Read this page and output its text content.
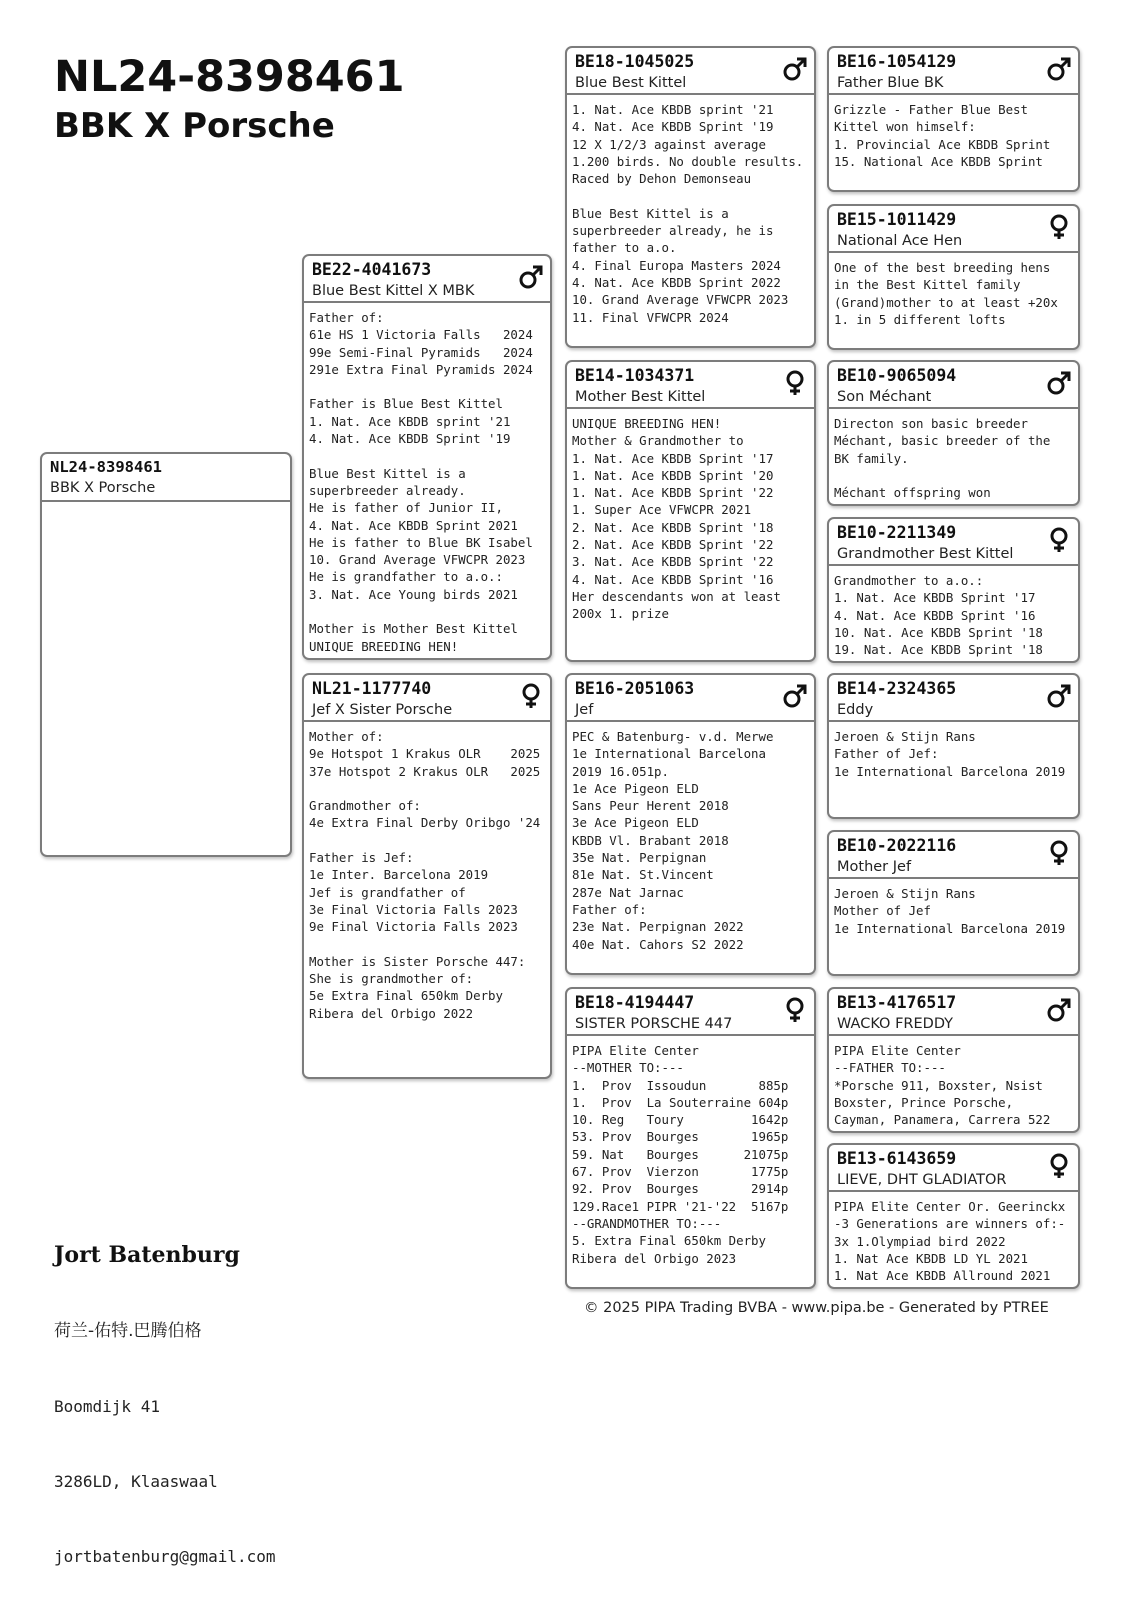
NL24-8398461
BBK X Porsche
NL24-8398461
BBK X Porsche
BE22-4041673
Blue Best Kittel X MBK
Father of:
61e HS 1 Victoria Falls   2024
99e Semi-Final Pyramids   2024
291e Extra Final Pyramids 2024

Father is Blue Best Kittel
1. Nat. Ace KBDB sprint '21
4. Nat. Ace KBDB Sprint '19

Blue Best Kittel is a
superbreeder already.
He is father of Junior II,
4. Nat. Ace KBDB Sprint 2021
He is father to Blue BK Isabel
10. Grand Average VFWCPR 2023
He is grandfather to a.o.:
3. Nat. Ace Young birds 2021

Mother is Mother Best Kittel
UNIQUE BREEDING HEN!
NL21-1177740
Jef X Sister Porsche
Mother of:
9e Hotspot 1 Krakus OLR    2025
37e Hotspot 2 Krakus OLR   2025

Grandmother of:
4e Extra Final Derby Oribgo '24

Father is Jef:
1e Inter. Barcelona 2019
Jef is grandfather of
3e Final Victoria Falls 2023
9e Final Victoria Falls 2023

Mother is Sister Porsche 447:
She is grandmother of:
5e Extra Final 650km Derby
Ribera del Orbigo 2022
BE18-1045025
Blue Best Kittel
1. Nat. Ace KBDB sprint '21
4. Nat. Ace KBDB Sprint '19
12 X 1/2/3 against average
1.200 birds. No double results.
Raced by Dehon Demonseau

Blue Best Kittel is a
superbreeder already, he is
father to a.o.
4. Final Europa Masters 2024
4. Nat. Ace KBDB Sprint 2022
10. Grand Average VFWCPR 2023
11. Final VFWCPR 2024
BE14-1034371
Mother Best Kittel
UNIQUE BREEDING HEN!
Mother & Grandmother to
1. Nat. Ace KBDB Sprint '17
1. Nat. Ace KBDB Sprint '20
1. Nat. Ace KBDB Sprint '22
1. Super Ace VFWCPR 2021
2. Nat. Ace KBDB Sprint '18
2. Nat. Ace KBDB Sprint '22
3. Nat. Ace KBDB Sprint '22
4. Nat. Ace KBDB Sprint '16
Her descendants won at least
200x 1. prize
BE16-2051063
Jef
PEC & Batenburg- v.d. Merwe
1e International Barcelona
2019 16.051p.
1e Ace Pigeon ELD
Sans Peur Herent 2018
3e Ace Pigeon ELD
KBDB Vl. Brabant 2018
35e Nat. Perpignan
81e Nat. St.Vincent
287e Nat Jarnac
Father of:
23e Nat. Perpignan 2022
40e Nat. Cahors S2 2022
BE18-4194447
SISTER PORSCHE 447
PIPA Elite Center
--MOTHER TO:---
1.  Prov  Issoudun       885p
1.  Prov  La Souterraine 604p
10. Reg   Toury         1642p
53. Prov  Bourges       1965p
59. Nat   Bourges      21075p
67. Prov  Vierzon       1775p
92. Prov  Bourges       2914p
129.Race1 PIPR '21-'22  5167p
--GRANDMOTHER TO:---
5. Extra Final 650km Derby
Ribera del Orbigo 2023
BE16-1054129
Father Blue BK
Grizzle - Father Blue Best
Kittel won himself:
1. Provincial Ace KBDB Sprint
15. National Ace KBDB Sprint
BE15-1011429
National Ace Hen
One of the best breeding hens
in the Best Kittel family
(Grand)mother to at least +20x
1. in 5 different lofts
BE10-9065094
Son Méchant
Directon son basic breeder
Méchant, basic breeder of the
BK family.

Méchant offspring won
BE10-2211349
Grandmother Best Kittel
Grandmother to a.o.:
1. Nat. Ace KBDB Sprint '17
4. Nat. Ace KBDB Sprint '16
10. Nat. Ace KBDB Sprint '18
19. Nat. Ace KBDB Sprint '18
BE14-2324365
Eddy
Jeroen & Stijn Rans
Father of Jef:
1e International Barcelona 2019
BE10-2022116
Mother Jef
Jeroen & Stijn Rans
Mother of Jef
1e International Barcelona 2019
BE13-4176517
WACKO FREDDY
PIPA Elite Center
--FATHER TO:---
*Porsche 911, Boxster, Nsist
Boxster, Prince Porsche,
Cayman, Panamera, Carrera 522
BE13-6143659
LIEVE, DHT GLADIATOR
PIPA Elite Center Or. Geerinckx
-3 Generations are winners of:-
3x 1.Olympiad bird 2022
1. Nat Ace KBDB LD YL 2021
1. Nat Ace KBDB Allround 2021

Jort Batenburg

荷兰-佑特.巴腾伯格

Boomdijk 41

3286LD, Klaaswaal

jortbatenburg@gmail.com

© 2025 PIPA Trading BVBA - www.pipa.be - Generated by PTREE
